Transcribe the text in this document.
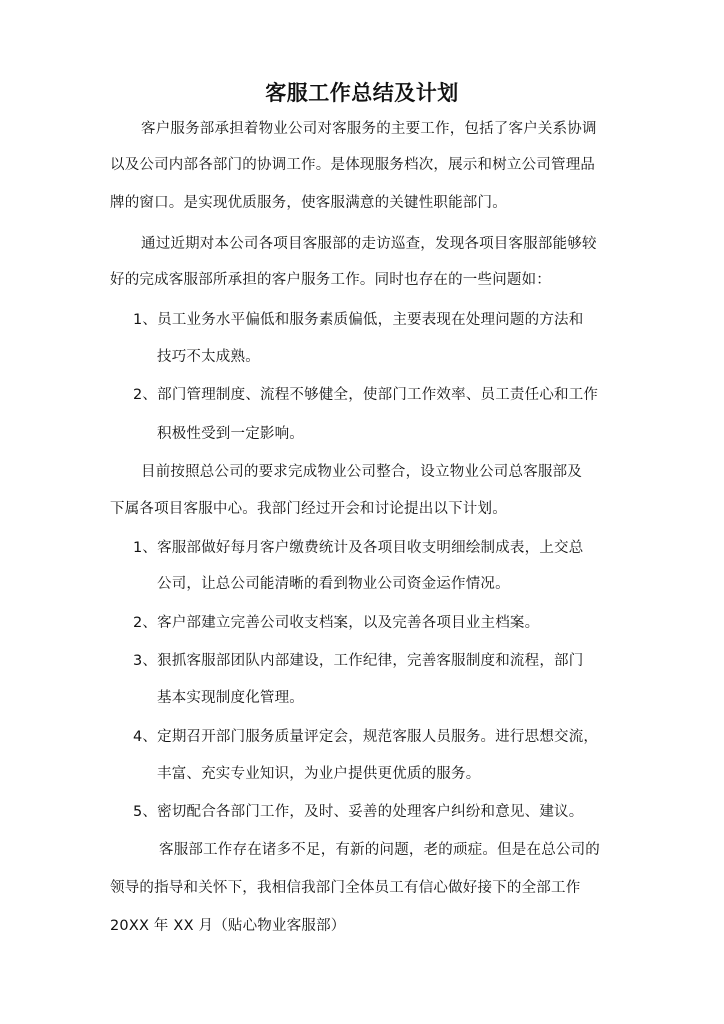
客服工作总结及计划
客户服务部承担着物业公司对客服务的主要工作，包括了客户关系协调
以及公司内部各部门的协调工作。是体现服务档次，展示和树立公司管理品
牌的窗口。是实现优质服务，使客服满意的关键性职能部门。
通过近期对本公司各项目客服部的走访巡查，发现各项目客服部能够较
好的完成客服部所承担的客户服务工作。同时也存在的一些问题如：
1、员工业务水平偏低和服务素质偏低，主要表现在处理问题的方法和
技巧不太成熟。
2、部门管理制度、流程不够健全，使部门工作效率、员工责任心和工作
积极性受到一定影响。
目前按照总公司的要求完成物业公司整合，设立物业公司总客服部及
下属各项目客服中心。我部门经过开会和讨论提出以下计划。
1、客服部做好每月客户缴费统计及各项目收支明细绘制成表，上交总
公司，让总公司能清晰的看到物业公司资金运作情况。
2、客户部建立完善公司收支档案，以及完善各项目业主档案。
3、狠抓客服部团队内部建设，工作纪律，完善客服制度和流程，部门
基本实现制度化管理。
4、定期召开部门服务质量评定会，规范客服人员服务。进行思想交流，
丰富、充实专业知识，为业户提供更优质的服务。
5、密切配合各部门工作，及时、妥善的处理客户纠纷和意见、建议。
客服部工作存在诸多不足，有新的问题，老的顽症。但是在总公司的
领导的指导和关怀下，我相信我部门全体员工有信心做好接下的全部工作
20XX 年 XX 月（贴心物业客服部）
